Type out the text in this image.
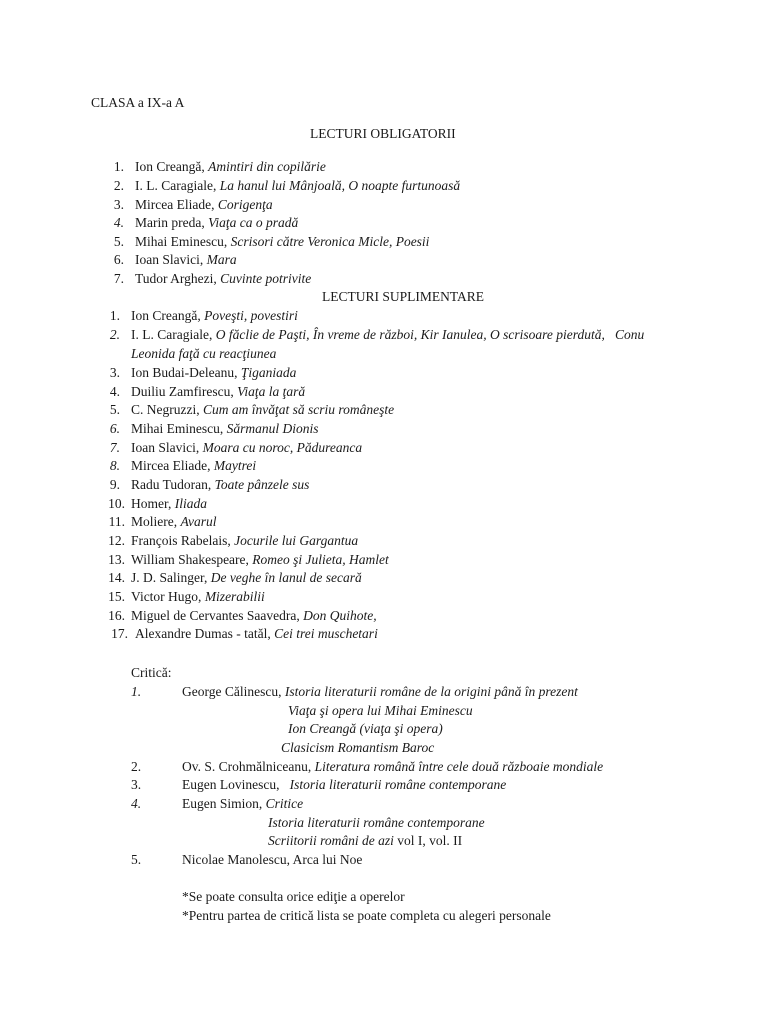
CLASA a IX-a A
LECTURI OBLIGATORII
1. Ion Creangă, Amintiri din copilărie
2. I. L. Caragiale, La hanul lui Mânjoală, O noapte furtunoasă
3. Mircea Eliade, Corigenţa
4. Marin preda, Viaţa ca o pradă
5. Mihai Eminescu, Scrisori către Veronica Micle, Poesii
6. Ioan Slavici, Mara
7. Tudor Arghezi, Cuvinte potrivite
LECTURI SUPLIMENTARE
1. Ion Creangă, Poveşti, povestiri
2. I. L. Caragiale, O făclie de Paşti, În vreme de război, Kir Ianulea, O scrisoare pierdută,   Conu
Leonida faţă cu reacţiunea
3. Ion Budai-Deleanu, Ţiganiada
4. Duiliu Zamfirescu, Viaţa la ţară
5. C. Negruzzi, Cum am învăţat să scriu româneşte
6. Mihai Eminescu, Sărmanul Dionis
7. Ioan Slavici, Moara cu noroc, Pădureanca
8. Mircea Eliade, Maytrei
9. Radu Tudoran, Toate pânzele sus
10. Homer, Iliada
11. Moliere, Avarul
12. François Rabelais, Jocurile lui Gargantua
13. William Shakespeare, Romeo şi Julieta, Hamlet
14. J. D. Salinger, De veghe în lanul de secară
15. Victor Hugo, Mizerabilii
16. Miguel de Cervantes Saavedra, Don Quihote,
17. Alexandre Dumas - tatăl, Cei trei muschetari
Critică:
1.	George Călinescu, Istoria literaturii române de la origini până în prezent
Viaţa şi opera lui Mihai Eminescu
Ion Creangă (viaţa şi opera)
Clasicism Romantism Baroc
2.	Ov. S. Crohmălniceanu, Literatura română între cele două războaie mondiale
3.	Eugen Lovinescu,   Istoria literaturii române contemporane
4.	Eugen Simion, Critice
Istoria literaturii române contemporane
Scriitorii români de azi vol I, vol. II
5.	Nicolae Manolescu, Arca lui Noe
*Se poate consulta orice ediţie a operelor
*Pentru partea de critică lista se poate completa cu alegeri personale
